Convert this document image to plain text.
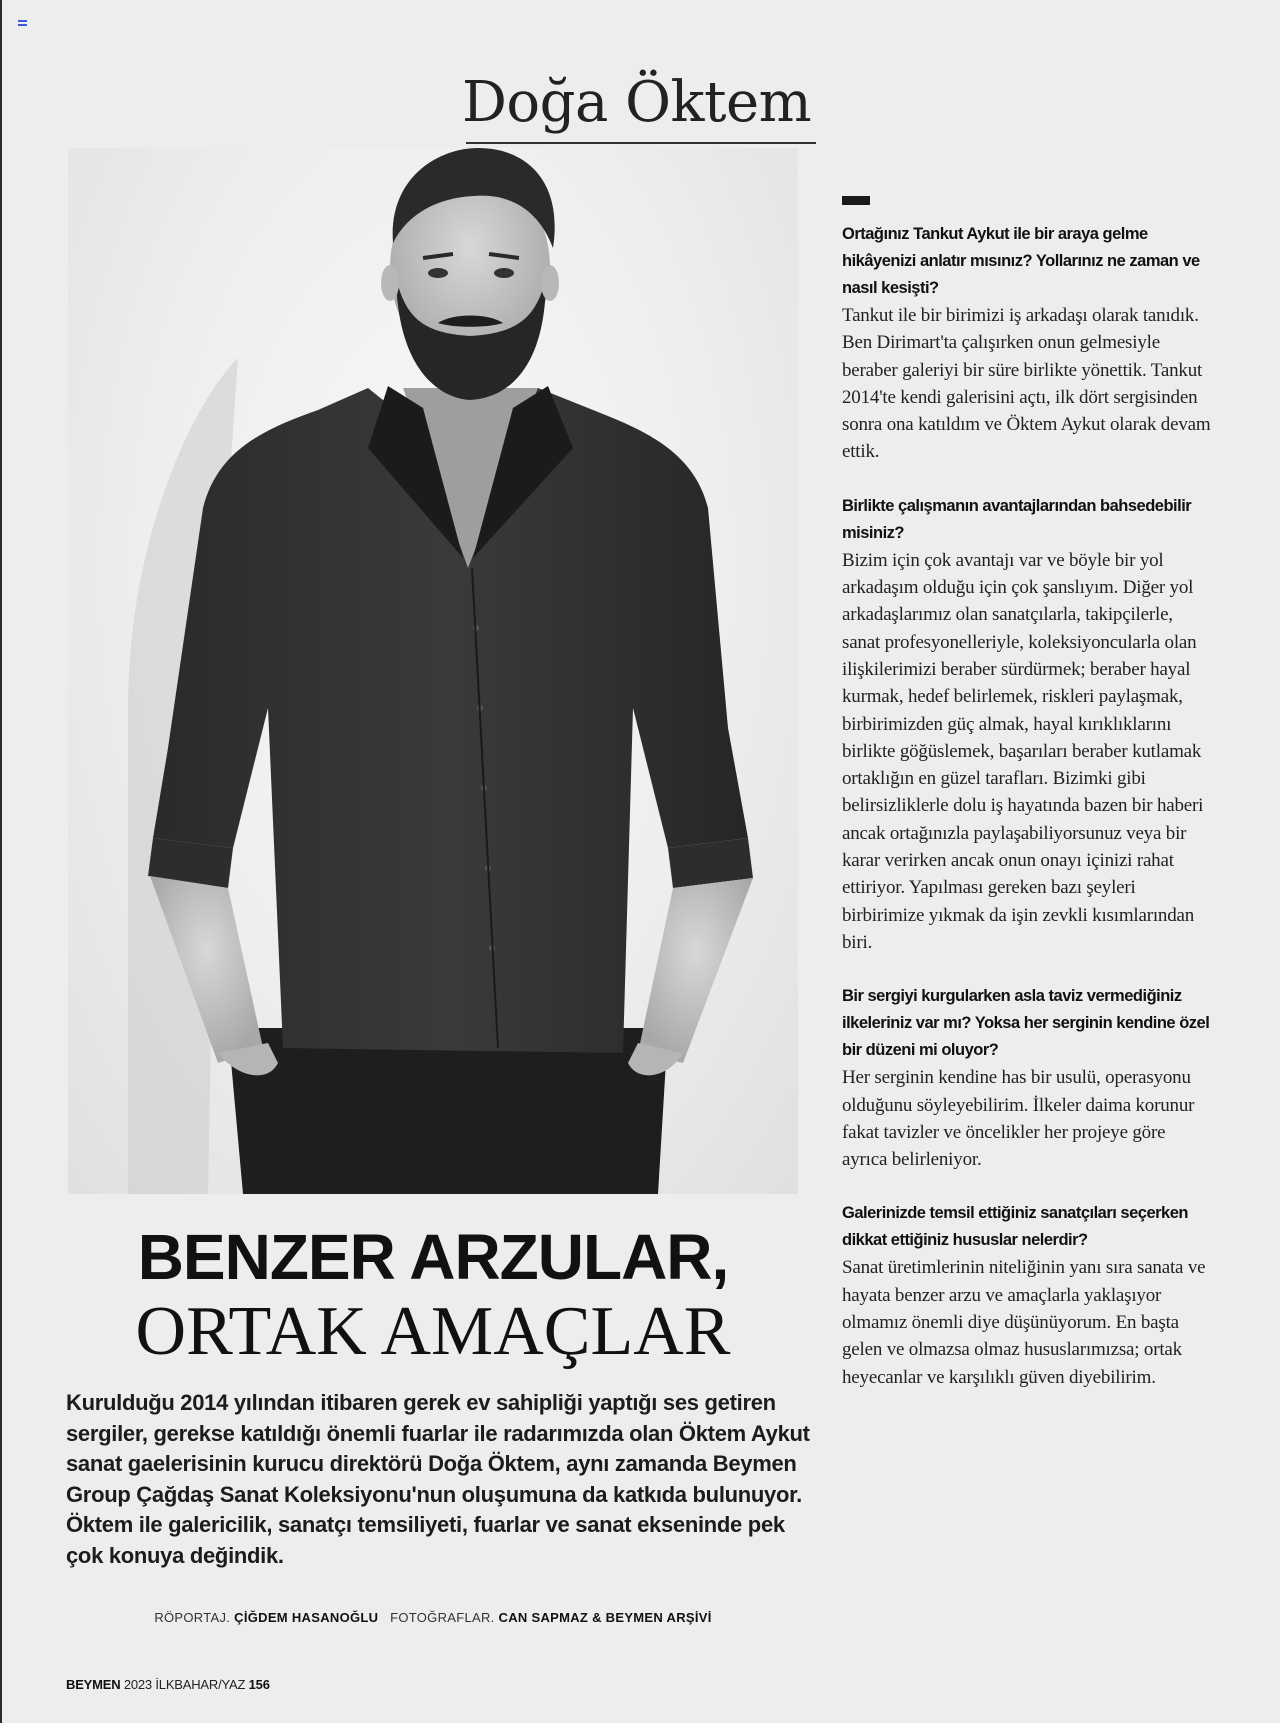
Doğa Öktem
BENZER ARZULAR,
ORTAK AMAÇLAR
Kurulduğu 2014 yılından itibaren gerek ev sahipliği yaptığı ses getiren sergiler, gerekse katıldığı önemli fuarlar ile radarımızda olan Öktem Aykut sanat gaelerisinin kurucu direktörü Doğa Öktem, aynı zamanda Beymen Group Çağdaş Sanat Koleksiyonu'nun oluşumuna da katkıda bulunuyor. Öktem ile galericilik, sanatçı temsiliyeti, fuarlar ve sanat ekseninde pek çok konuya değindik.
RÖPORTAJ. ÇİĞDEM HASANOĞLU FOTOĞRAFLAR. CAN SAPMAZ & BEYMEN ARŞİVİ
BEYMEN 2023 İLKBAHAR/YAZ 156
Ortağınız Tankut Aykut ile bir araya gelme hikâyenizi anlatır mısınız? Yollarınız ne zaman ve nasıl kesişti?
Tankut ile bir birimizi iş arkadaşı olarak tanıdık. Ben Dirimart'ta çalışırken onun gelmesiyle beraber galeriyi bir süre birlikte yönettik. Tankut 2014'te kendi galerisini açtı, ilk dört sergisinden sonra ona katıldım ve Öktem Aykut olarak devam ettik.
Birlikte çalışmanın avantajlarından bahsedebilir misiniz?
Bizim için çok avantajı var ve böyle bir yol arkadaşım olduğu için çok şanslıyım. Diğer yol arkadaşlarımız olan sanatçılarla, takipçilerle, sanat profesyonelleriyle, koleksiyoncularla olan ilişkilerimizi beraber sürdürmek; beraber hayal kurmak, hedef belirlemek, riskleri paylaşmak, birbirimizden güç almak, hayal kırıklıklarını birlikte göğüslemek, başarıları beraber kutlamak ortaklığın en güzel tarafları. Bizimki gibi belirsizliklerle dolu iş hayatında bazen bir haberi ancak ortağınızla paylaşabiliyorsunuz veya bir karar verirken ancak onun onayı içinizi rahat ettiriyor. Yapılması gereken bazı şeyleri birbirimize yıkmak da işin zevkli kısımlarından biri.
Bir sergiyi kurgularken asla taviz vermediğiniz ilkeleriniz var mı? Yoksa her serginin kendine özel bir düzeni mi oluyor?
Her serginin kendine has bir usulü, operasyonu olduğunu söyleyebilirim. İlkeler daima korunur fakat tavizler ve öncelikler her projeye göre ayrıca belirleniyor.
Galerinizde temsil ettiğiniz sanatçıları seçerken dikkat ettiğiniz hususlar nelerdir?
Sanat üretimlerinin niteliğinin yanı sıra sanata ve hayata benzer arzu ve amaçlarla yaklaşıyor olmamız önemli diye düşünüyorum. En başta gelen ve olmazsa olmaz hususlarımızsa; ortak heyecanlar ve karşılıklı güven diyebilirim.
